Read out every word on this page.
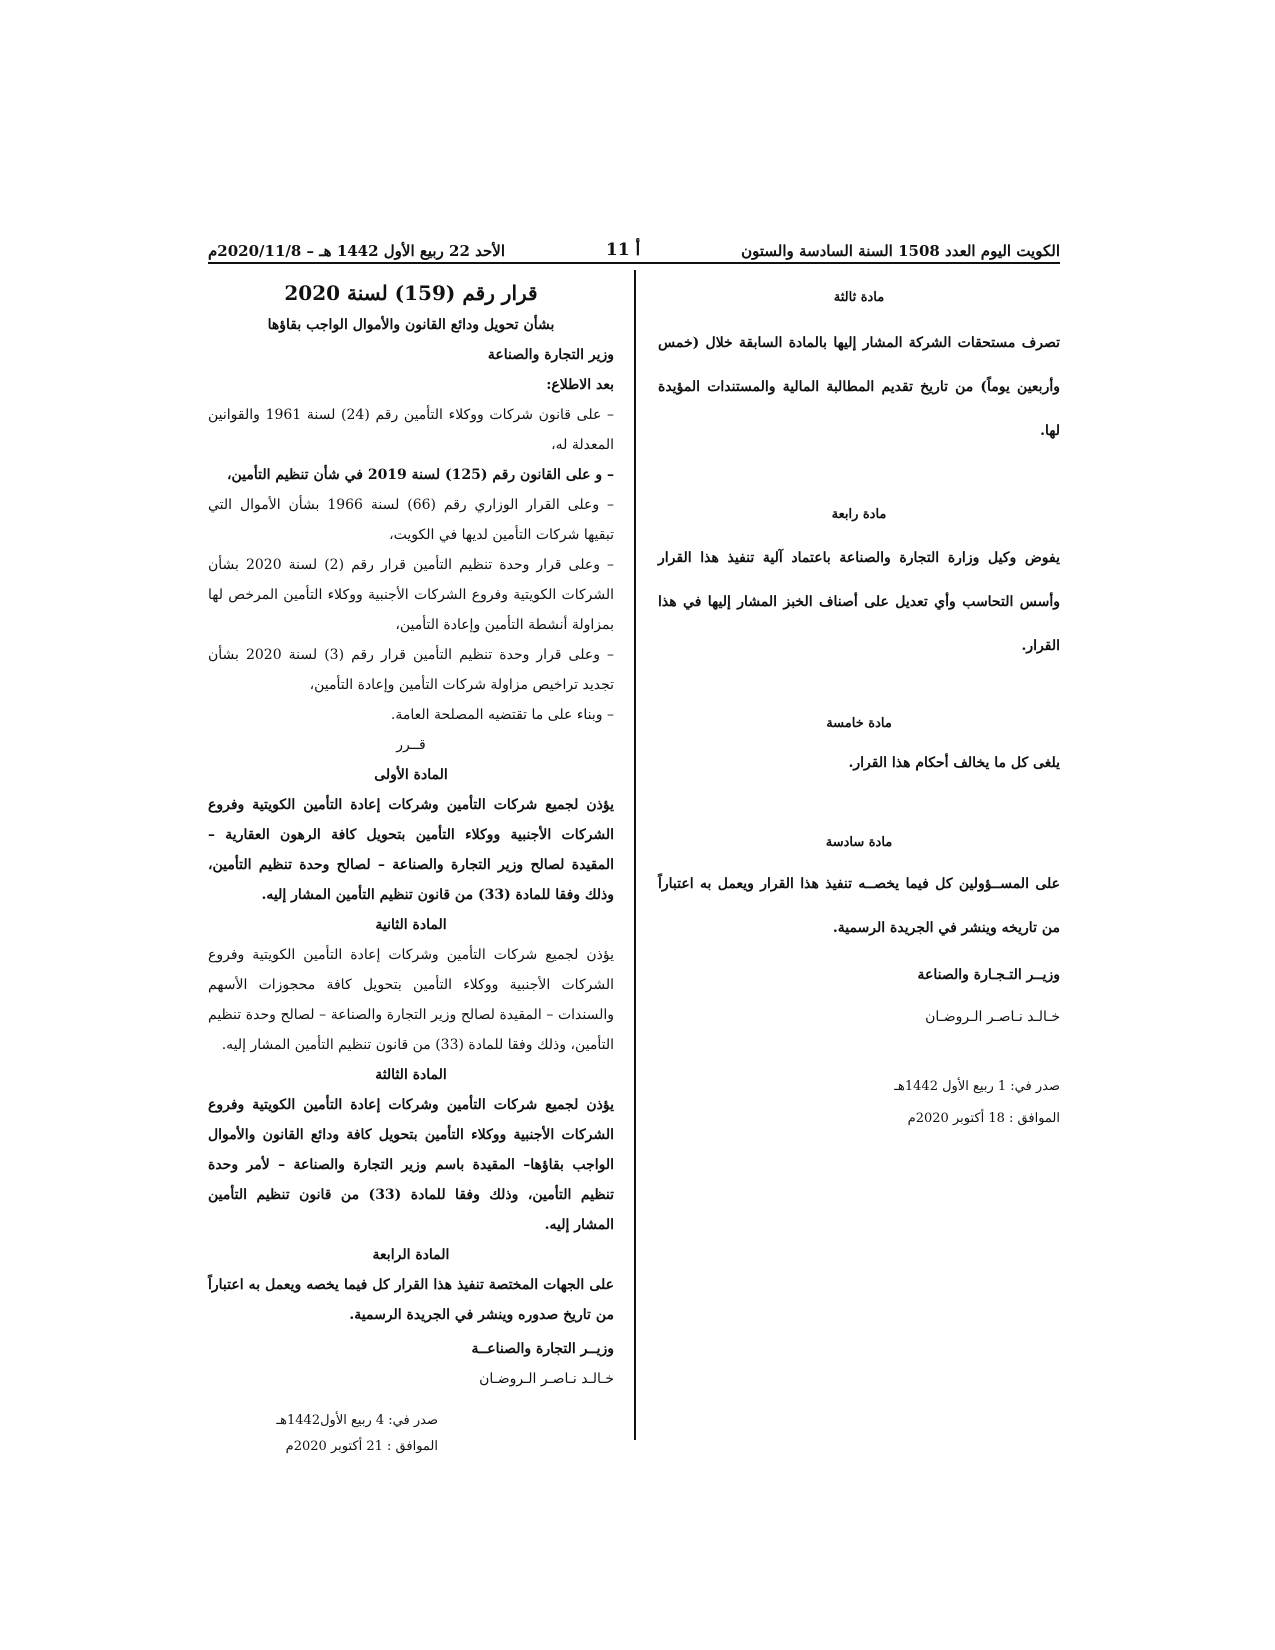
الكويت اليوم العدد 1508 السنة السادسة والستون
أ 11
الأحد 22 ربيع الأول 1442 هـ – 2020/11/8م

مادة ثالثة

تصرف مستحقات الشركة المشار إليها بالمادة السابقة خلال (خمس وأربعين يوماً) من تاريخ تقديم المطالبة المالية والمستندات المؤيدة لها.

مادة رابعة

يفوض وكيل وزارة التجارة والصناعة باعتماد آلية تنفيذ هذا القرار وأسس التحاسب وأي تعديل على أصناف الخبز المشار إليها في هذا القرار.

مادة خامسة

يلغى كل ما يخالف أحكام هذا القرار.

مادة سادسة

على المســؤولين كل فيما يخصــه تنفيذ هذا القرار ويعمل به اعتباراً من تاريخه وينشر في الجريدة الرسمية.

وزيــر التـجـارة والصناعة

خـالـد نـاصـر الـروضـان

صدر في: 1 ربيع الأول 1442هـ

الموافق : 18 أكتوبر 2020م

قرار رقم (159) لسنة 2020

بشأن تحويل ودائع القانون والأموال الواجب بقاؤها

وزير التجارة والصناعة

بعد الاطلاع:

– على قانون شركات ووكلاء التأمين رقم (24) لسنة 1961 والقوانين المعدلة له،

– و على القانون رقم (125) لسنة 2019 في شأن تنظيم التأمين،

– وعلى القرار الوزاري رقم (66) لسنة 1966 بشأن الأموال التي تبقيها شركات التأمين لديها في الكويت،

– وعلى قرار وحدة تنظيم التأمين قرار رقم (2) لسنة 2020 بشأن الشركات الكويتية وفروع الشركات الأجنبية ووكلاء التأمين المرخص لها بمزاولة أنشطة التأمين وإعادة التأمين،

– وعلى قرار وحدة تنظيم التأمين قرار رقم (3) لسنة 2020 بشأن تجديد تراخيص مزاولة شركات التأمين وإعادة التأمين،

– وبناء على ما تقتضيه المصلحة العامة.

قــرر

المادة الأولى

يؤذن لجميع شركات التأمين وشركات إعادة التأمين الكويتية وفروع الشركات الأجنبية ووكلاء التأمين بتحويل كافة الرهون العقارية – المقيدة لصالح وزير التجارة والصناعة – لصالح وحدة تنظيم التأمين، وذلك وفقا للمادة (33) من قانون تنظيم التأمين المشار إليه.

المادة الثانية

يؤذن لجميع شركات التأمين وشركات إعادة التأمين الكويتية وفروع الشركات الأجنبية ووكلاء التأمين بتحويل كافة محجوزات الأسهم والسندات – المقيدة لصالح وزير التجارة والصناعة – لصالح وحدة تنظيم التأمين، وذلك وفقا للمادة (33) من قانون تنظيم التأمين المشار إليه.

المادة الثالثة

يؤذن لجميع شركات التأمين وشركات إعادة التأمين الكويتية وفروع الشركات الأجنبية ووكلاء التأمين بتحويل كافة ودائع القانون والأموال الواجب بقاؤها– المقيدة باسم وزير التجارة والصناعة – لأمر وحدة تنظيم التأمين، وذلك وفقا للمادة (33) من قانون تنظيم التأمين المشار إليه.

المادة الرابعة

على الجهات المختصة تنفيذ هذا القرار كل فيما يخصه ويعمل به اعتباراً من تاريخ صدوره وينشر في الجريدة الرسمية.

وزيــر التجارة والصناعــة

خـالـد نـاصـر الـروضـان

صدر في: 4 ربيع الأول1442هـ

الموافق : 21 أكتوبر 2020م
